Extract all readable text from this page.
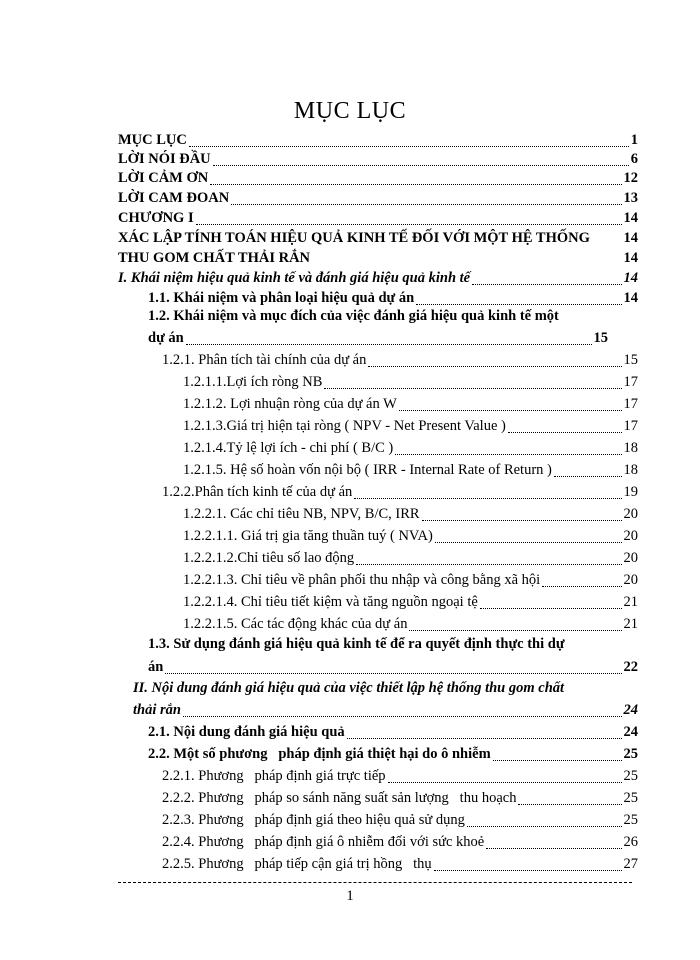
MỤC LỤC
MỤC LỤC	1
LỜI NÓI ĐẦU	6
LỜI CẢM ƠN	12
LỜI CAM ĐOAN	13
CHƯƠNG I	14
XÁC LẬP TÍNH TOÁN HIỆU QUẢ KINH TẾ ĐỐI VỚI MỘT HỆ THỐNG 14
THU GOM CHẤT THẢI RẮN	14
I. Khái niệm hiệu quả kinh tế và đánh giá hiệu quả kinh tế	14
1.1. Khái niệm và phân loại hiệu quả dự án	14
1.2. Khái niệm và mục đích của việc đánh giá hiệu quả kinh tế một
dự án	15
1.2.1. Phân tích tài chính của dự án	15
1.2.1.1.Lợi ích ròng NB	17
1.2.1.2. Lợi nhuận ròng của dự án W	17
1.2.1.3.Giá trị hiện tại ròng ( NPV - Net Present Value )	17
1.2.1.4.Tỷ lệ lợi ích - chi phí ( B/C )	18
1.2.1.5. Hệ số hoàn vốn nội bộ ( IRR - Internal Rate of Return )	18
1.2.2.Phân tích kinh tế của dự án	19
1.2.2.1. Các chỉ tiêu NB, NPV, B/C, IRR	20
1.2.2.1.1. Giá trị gia tăng thuần tuý ( NVA)	20
1.2.2.1.2.Chỉ tiêu số lao động	20
1.2.2.1.3. Chỉ tiêu về phân phối thu nhập và công bằng xã hội	20
1.2.2.1.4. Chỉ tiêu tiết kiệm và tăng nguồn ngoại tệ	21
1.2.2.1.5. Các tác động khác của dự án	21
1.3. Sử dụng đánh giá hiệu quả kinh tế để ra quyết định thực thi dự
án	22
II. Nội dung đánh giá hiệu quả của việc thiết lập hệ thống thu gom chất
thải rắn	24
2.1. Nội dung đánh giá hiệu quả	24
2.2. Một số phương   pháp định giá thiệt hại do ô nhiễm	25
2.2.1. Phương   pháp định giá trực tiếp	25
2.2.2. Phương   pháp so sánh năng suất sản lượng   thu hoạch	25
2.2.3. Phương   pháp định giá theo hiệu quả sử dụng	25
2.2.4. Phương   pháp định giá ô nhiễm đối với sức khoẻ	26
2.2.5. Phương   pháp tiếp cận giá trị hồng   thụ	27
1
